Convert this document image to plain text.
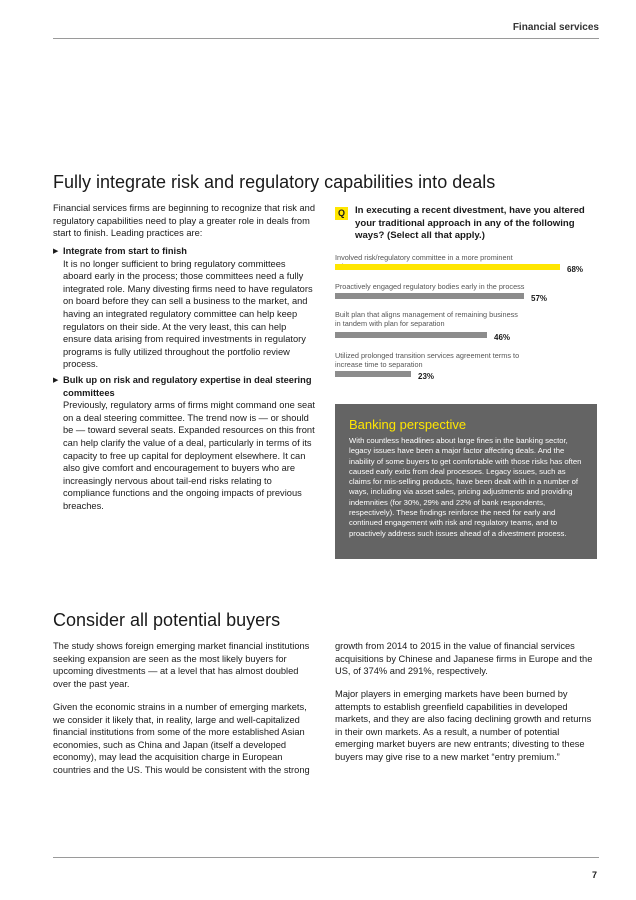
Financial services
Fully integrate risk and regulatory capabilities into deals

Financial services firms are beginning to recognize that risk and regulatory capabilities need to play a greater role in deals from start to finish. Leading practices are:

▶ Integrate from start to finish
It is no longer sufficient to bring regulatory committees aboard early in the process; those committees need a fully integrated role. Many divesting firms need to have regulators on board before they can sell a business to the market, and having an integrated regulatory committee can help keep regulators on their side. At the very least, this can help ensure data arising from required investments in regulatory programs is fully utilized throughout the portfolio review process.
▶ Bulk up on risk and regulatory expertise in deal steering committees
Previously, regulatory arms of firms might command one seat on a deal steering committee. The trend now is — or should be — toward several seats. Expanded resources on this front can help clarify the value of a deal, particularly in terms of its capacity to free up capital for deployment elsewhere. It can also give comfort and encouragement to buyers who are increasingly nervous about tail-end risks relating to compliance functions and the ongoing impacts of previous breaches.
Q	In executing a recent divestment, have you altered your traditional approach in any of the following ways? (Select all that apply.)
Involved risk/regulatory committee in a more prominent
68%
Proactively engaged regulatory bodies early in the process
57%
Built plan that aligns management of remaining business in tandem with plan for separation
46%
Utilized prolonged transition services agreement terms to increase time to separation
23%
Banking perspective
With countless headlines about large fines in the banking sector, legacy issues have been a major factor affecting deals. And the inability of some buyers to get comfortable with those risks has often caused early exits from deal processes. Legacy issues, such as claims for mis-selling products, have been dealt with in a number of ways, including via asset sales, pricing adjustments and providing indemnities (for 30%, 29% and 22% of bank respondents, respectively). These findings reinforce the need for early and continued engagement with risk and regulatory teams, and to proactively address such issues ahead of a divestment process.
Consider all potential buyers

The study shows foreign emerging market financial institutions seeking expansion are seen as the most likely buyers for upcoming divestments — at a level that has almost doubled over the past year.

Given the economic strains in a number of emerging markets, we consider it likely that, in reality, large and well-capitalized financial institutions from some of the more established Asian economies, such as China and Japan (itself a developed economy), may lead the acquisition charge in European countries and the US. This would be consistent with the strong

growth from 2014 to 2015 in the value of financial services acquisitions by Chinese and Japanese firms in Europe and the US, of 374% and 291%, respectively.

Major players in emerging markets have been burned by attempts to establish greenfield capabilities in developed markets, and they are also facing declining growth and returns in their own markets. As a result, a number of potential emerging market buyers are new entrants; divesting to these buyers may give rise to a new market “entry premium.”

7
